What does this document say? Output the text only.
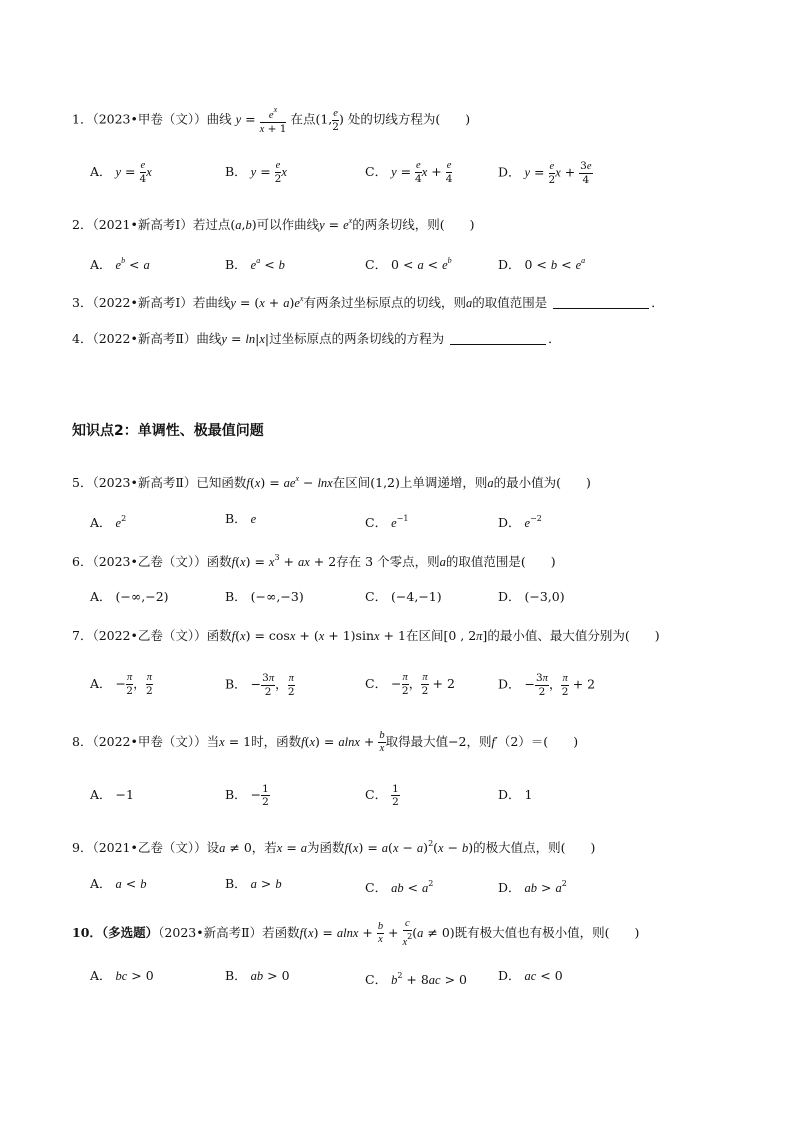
1．（2023•甲卷（文））曲线 $y = \frac{e^x}{x + 1}$ 在点(1, $\frac{e}{2}$ ) 处的切线方程为(　　)
A． $y = \frac{e}{4}$ x	B． $y = \frac{e}{2}$ x	C． $y = \frac{e}{4}$ $x + \frac{e}{4}$	D． $y = \frac{e}{2}$ $x + \frac{3e}{4}$
2．（2021•新高考Ⅰ）若过点(a,b)可以作曲线$y = e^x$的两条切线，则(　　)
A． $e^b < a$	B． $e^a < b$	C． $0 < a < e^b$	D． $0 < b < e^a$
3．（2022•新高考Ⅰ）若曲线$y = (x + a)e^x$有两条过坐标原点的切线，则a的取值范围是	．
4．（2022•新高考Ⅱ）曲线y = ln|x|过坐标原点的两条切线的方程为	．
知识点2：单调性、极最值问题
5．（2023•新高考Ⅱ）已知函数$f(x) = ae^x - \ln x$在区间(1,2)上单调递增，则a的最小值为(　　)
A． $e^2$	B． e	C． $e^{-1}$	D． $e^{-2}$
6．（2023•乙卷（文））函数$f(x) = x^3$ + ax + 2存在 3 个零点，则a的取值范围是(　　)
A． (−∞,−2)	B． (−∞,−3)	C． (−4,−1)	D． (−3,0)
7．（2022•乙卷（文））函数f(x) = cosx + (x + 1)sinx + 1在区间[0 , 2π]的最小值、最大值分别为(　　)
A． − $\frac{\pi}{2}$ ， $\frac{\pi}{2}$	B． − $\frac{3\pi}{2}$ ， $\frac{\pi}{2}$	C． − $\frac{\pi}{2}$ ， $\frac{\pi}{2} + 2$	D． − $\frac{3\pi}{2}$ ， $\frac{\pi}{2} + 2$
8．（2022•甲卷（文））当x = 1时，函数$f(x) = alnx + \frac{b}{x}$ 取得最大值−2，则f′（2）＝(　　)
A． −1	B． − $\frac{1}{2}$	C． $\frac{1}{2}$	D． 1
9．（2021•乙卷（文））设a ≠ 0，若x = a为函数$f(x) = a(x - a)^2(x - b)$的极大值点，则(　　)
A． a < b	B． a > b	C． ab < $a^2$	D． ab > $a^2$
10．（多选题）（2023•新高考Ⅱ）若函数$f(x) = alnx + \frac{b}{x} + \frac{c}{x^2} (a \ne 0)$既有极大值也有极小值，则(　　)
A． bc > 0	B． ab > 0	C． $b^2 + 8ac > 0$ D． ac < 0
